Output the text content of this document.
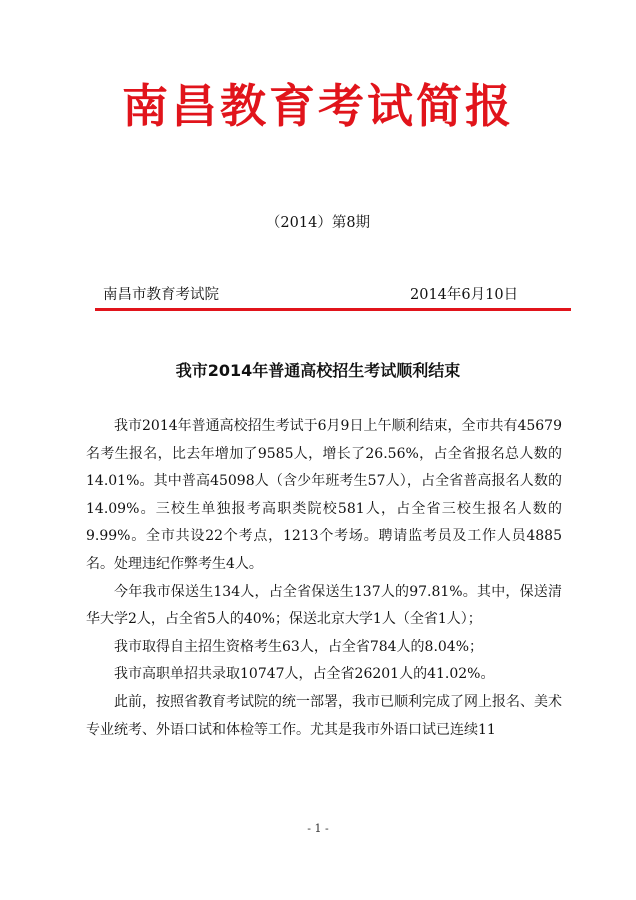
南昌教育考试简报
（2014）第8期
南昌市教育考试院	2014年6月10日
我市2014年普通高校招生考试顺利结束

我市2014年普通高校招生考试于6月9日上午顺利结束，全市共有45679名考生报名，比去年增加了9585人，增长了26.56%，占全省报名总人数的14.01%。其中普高45098人（含少年班考生57人），占全省普高报名人数的14.09%。三校生单独报考高职类院校581人，占全省三校生报名人数的9.99%。全市共设22个考点，1213个考场。聘请监考员及工作人员4885名。处理违纪作弊考生4人。

今年我市保送生134人，占全省保送生137人的97.81%。其中，保送清华大学2人，占全省5人的40%；保送北京大学1人（全省1人）；

我市取得自主招生资格考生63人，占全省784人的8.04%；

我市高职单招共录取10747人，占全省26201人的41.02%。

此前，按照省教育考试院的统一部署，我市已顺利完成了网上报名、美术专业统考、外语口试和体检等工作。尤其是我市外语口试已连续11

- 1 -
